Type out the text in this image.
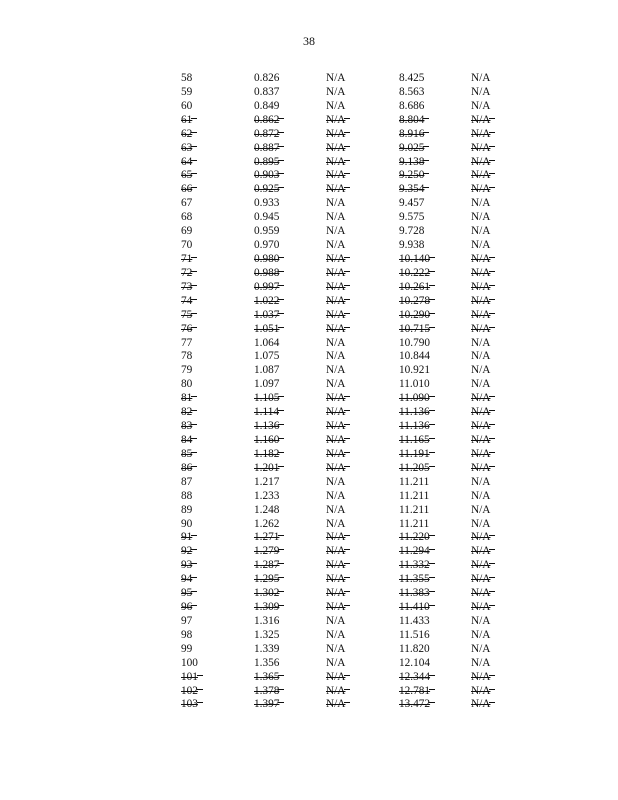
38
58	0.826	N/A	8.425	N/A
59	0.837	N/A	8.563	N/A
60	0.849	N/A	8.686	N/A
61	0.862	N/A	8.804	N/A
62	0.872	N/A	8.916	N/A
63	0.887	N/A	9.025	N/A
64	0.895	N/A	9.138	N/A
65	0.903	N/A	9.250	N/A
66	0.925	N/A	9.354	N/A
67	0.933	N/A	9.457	N/A
68	0.945	N/A	9.575	N/A
69	0.959	N/A	9.728	N/A
70	0.970	N/A	9.938	N/A
71	0.980	N/A	10.140	N/A
72	0.988	N/A	10.222	N/A
73	0.997	N/A	10.261	N/A
74	1.022	N/A	10.278	N/A
75	1.037	N/A	10.290	N/A
76	1.051	N/A	10.715	N/A
77	1.064	N/A	10.790	N/A
78	1.075	N/A	10.844	N/A
79	1.087	N/A	10.921	N/A
80	1.097	N/A	11.010	N/A
81	1.105	N/A	11.090	N/A
82	1.114	N/A	11.136	N/A
83	1.136	N/A	11.136	N/A
84	1.160	N/A	11.165	N/A
85	1.182	N/A	11.191	N/A
86	1.201	N/A	11.205	N/A
87	1.217	N/A	11.211	N/A
88	1.233	N/A	11.211	N/A
89	1.248	N/A	11.211	N/A
90	1.262	N/A	11.211	N/A
91	1.271	N/A	11.220	N/A
92	1.279	N/A	11.294	N/A
93	1.287	N/A	11.332	N/A
94	1.295	N/A	11.355	N/A
95	1.302	N/A	11.383	N/A
96	1.309	N/A	11.410	N/A
97	1.316	N/A	11.433	N/A
98	1.325	N/A	11.516	N/A
99	1.339	N/A	11.820	N/A
100	1.356	N/A	12.104	N/A
101	1.365	N/A	12.344	N/A
102	1.378	N/A	12.781	N/A
103	1.397	N/A	13.472	N/A
